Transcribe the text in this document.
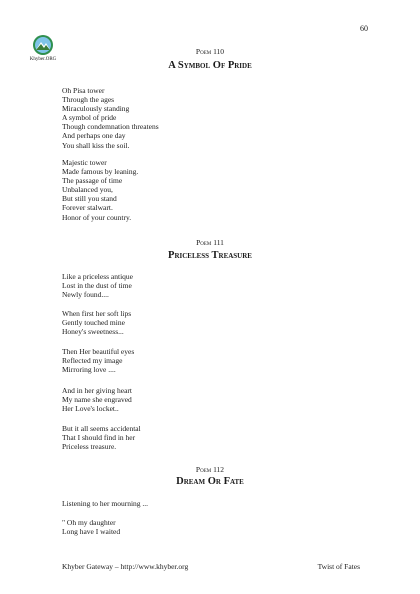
60
Khyber.ORG
Poem 110
A Symbol Of Pride
Oh Pisa tower
Through the ages
Miraculously standing
A symbol of pride
Though condemnation threatens
And perhaps one day
You shall kiss the soil.
Majestic tower
Made famous by leaning.
The passage of time
Unbalanced you,
But still you stand
Forever stalwart.
Honor of your country.
Poem 111
Priceless Treasure
Like a priceless antique
Lost in the dust of time
Newly found....
When first her soft lips
Gently touched mine
Honey's sweetness...
Then Her beautiful eyes
Reflected my image
Mirroring love ....
And in her giving heart
My name she engraved
Her Love's locket..
But it all seems accidental
That I should find in her
Priceless treasure.
Poem 112
Dream Or Fate
Listening to her mourning ...
" Oh my daughter
Long have I waited
Khyber Gateway – http://www.khyber.org	Twist of Fates
